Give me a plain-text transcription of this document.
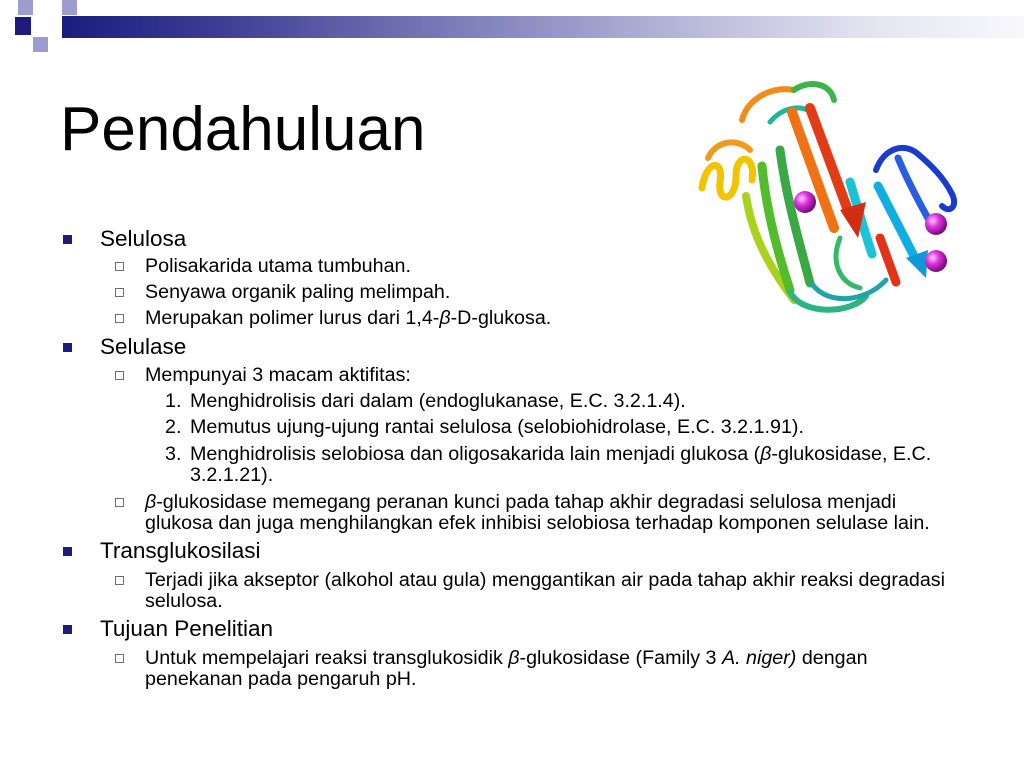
Pendahuluan
Selulosa
Polisakarida utama tumbuhan.
Senyawa organik paling melimpah.
Merupakan polimer lurus dari 1,4-β-D-glukosa.
Selulase
Mempunyai 3 macam aktifitas:
1. Menghidrolisis dari dalam (endoglukanase, E.C. 3.2.1.4).
2. Memutus ujung-ujung rantai selulosa (selobiohidrolase, E.C. 3.2.1.91).
3. Menghidrolisis selobiosa dan oligosakarida lain menjadi glukosa (β-glukosidase, E.C. 3.2.1.21).
β-glukosidase memegang peranan kunci pada tahap akhir degradasi selulosa menjadi glukosa dan juga menghilangkan efek inhibisi selobiosa terhadap komponen selulase lain.
Transglukosilasi
Terjadi jika akseptor (alkohol atau gula) menggantikan air pada tahap akhir reaksi degradasi selulosa.
Tujuan Penelitian
Untuk mempelajari reaksi transglukosidik β-glukosidase (Family 3 A. niger) dengan penekanan pada pengaruh pH.
